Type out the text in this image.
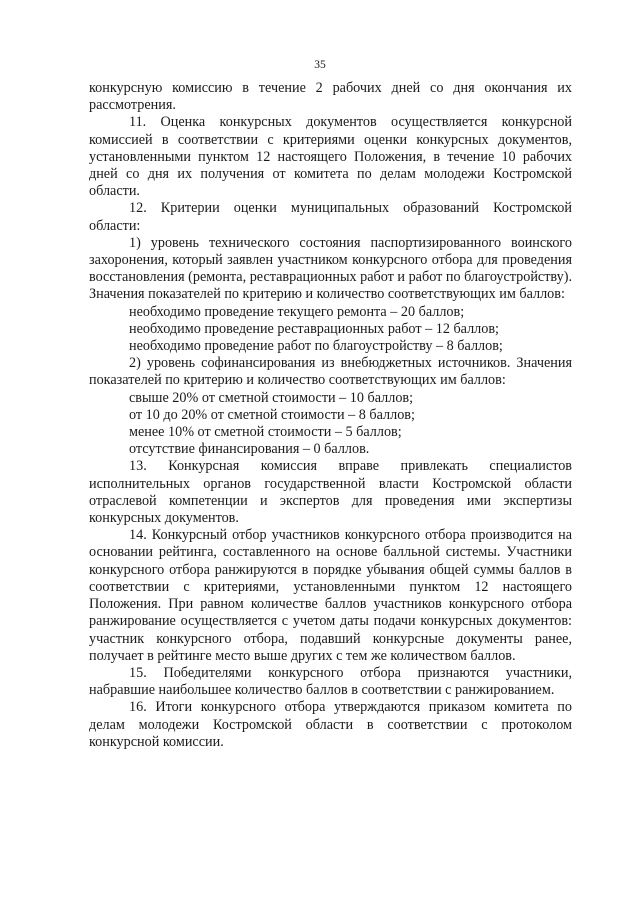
35

конкурсную комиссию в течение 2 рабочих дней со дня окончания их рассмотрения.

11. Оценка конкурсных документов осуществляется конкурсной комиссией в соответствии с критериями оценки конкурсных документов, установленными пунктом 12 настоящего Положения, в течение 10 рабочих дней со дня их получения от комитета по делам молодежи Костромской области.

12. Критерии оценки муниципальных образований Костромской области:

1) уровень технического состояния паспортизированного воинского захоронения, который заявлен участником конкурсного отбора для проведения восстановления (ремонта, реставрационных работ и работ по благоустройству). Значения показателей по критерию и количество соответствующих им баллов:

необходимо проведение текущего ремонта – 20 баллов;

необходимо проведение реставрационных работ – 12 баллов;

необходимо проведение работ по благоустройству – 8 баллов;

2) уровень софинансирования из внебюджетных источников. Значения показателей по критерию и количество соответствующих им баллов:

свыше 20% от сметной стоимости – 10 баллов;

от 10 до 20% от сметной стоимости – 8 баллов;

менее 10% от сметной стоимости – 5 баллов;

отсутствие финансирования – 0 баллов.

13. Конкурсная комиссия вправе привлекать специалистов исполнительных органов государственной власти Костромской области отраслевой компетенции и экспертов для проведения ими экспертизы конкурсных документов.

14. Конкурсный отбор участников конкурсного отбора производится на основании рейтинга, составленного на основе балльной системы. Участники конкурсного отбора ранжируются в порядке убывания общей суммы баллов в соответствии с критериями, установленными пунктом 12 настоящего Положения. При равном количестве баллов участников конкурсного отбора ранжирование осуществляется с учетом даты подачи конкурсных документов: участник конкурсного отбора, подавший конкурсные документы ранее, получает в рейтинге место выше других с тем же количеством баллов.

15. Победителями конкурсного отбора признаются участники, набравшие наибольшее количество баллов в соответствии с ранжированием.

16. Итоги конкурсного отбора утверждаются приказом комитета по делам молодежи Костромской области в соответствии с протоколом конкурсной комиссии.
